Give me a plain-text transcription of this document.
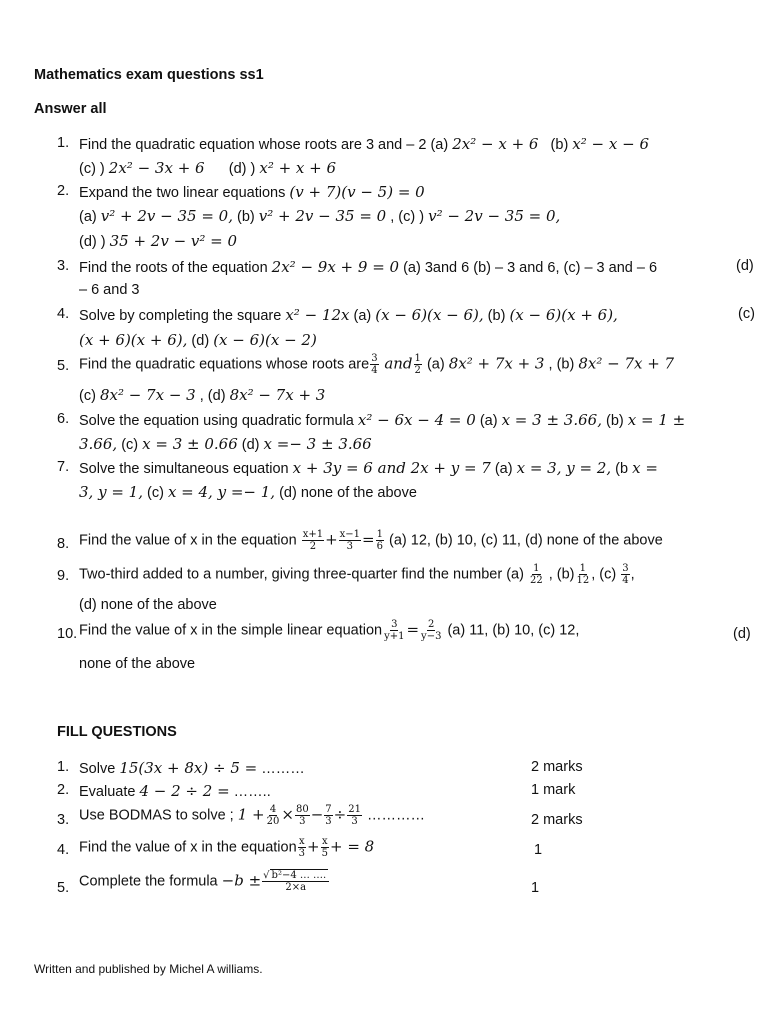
Mathematics exam questions ss1
Answer all
1. Find the quadratic equation whose roots are 3 and – 2 (a) 2x² − x + 6 (b) x² − x − 6
(c) ) 2x² − 3x + 6 (d) ) x² + x + 6
2. Expand the two linear equations (v + 7)(v − 5) = 0
(a) v² + 2v − 35 = 0, (b) v² + 2v − 35 = 0 , (c) ) v² − 2v − 35 = 0,
(d) ) 35 + 2v − v² = 0
3. Find the roots of the equation 2x² − 9x + 9 = 0 (a) 3and 6 (b) – 3 and 6, (c) – 3 and – 6	(d)
– 6 and 3
4. Solve by completing the square x² − 12x (a) (x − 6)(x − 6), (b) (x − 6)(x + 6),	(c)
(x + 6)(x + 6), (d) (x − 6)(x − 2)
5. Find the quadratic equations whose roots are $\frac{3}{4}$ and $\frac{1}{2} (a) 8x^2 + 7x + 3$ , (b) 8x² − 7x + 7
(c) 8x² − 7x − 3 , (d) 8x² − 7x + 3
6. Solve the equation using quadratic formula x² − 6x − 4 = 0 (a) x = 3 ± 3.66, (b) x = 1 ±
3.66, (c) x = 3 ± 0.66 (d) x =− 3 ± 3.66
7. Solve the simultaneous equation x + 3y = 6 and 2x + y = 7 (a) x = 3, y = 2, (b x =
3, y = 1, (c) x = 4, y =− 1, (d) none of the above
8. Find the value of x in the equation $\frac{x+1}{2} + \frac{x-1}{3} = \frac{1}{6} (a)$ 12, (b) 10, (c) 11, (d) none of the above
9. Two-third added to a number, giving three-quarter find the number $(a) \frac{1}{22}$ , $(b) \frac{1}{12}$ , $(c) \frac{3}{4}$ ,
(d) none of the above
10. Find the value of x in the simple linear equation $\frac{3}{y+1} = \frac{2}{y-3} (a)$ 11, (b) 10, (c) 12,	(d)
none of the above
FILL QUESTIONS
1. Solve 15(3x + 8x) ÷ 5 = ………	2 marks
2. Evaluate 4 − 2 ÷ 2 = ……..	1 mark
3. Use BODMAS to solve ; $1 + \frac{4}{20} \times \frac{80}{3} - \frac{7}{3} \div \frac{21}{3}$ …………	2 marks
4. Find the value of x in the equation $\frac{x}{3} + \frac{x}{5}$ + = 8	1
5. Complete the formula $-b \pm \frac{\text{√ b²−4 … ….}}{2\times a}$	1
Written and published by Michel A williams.
